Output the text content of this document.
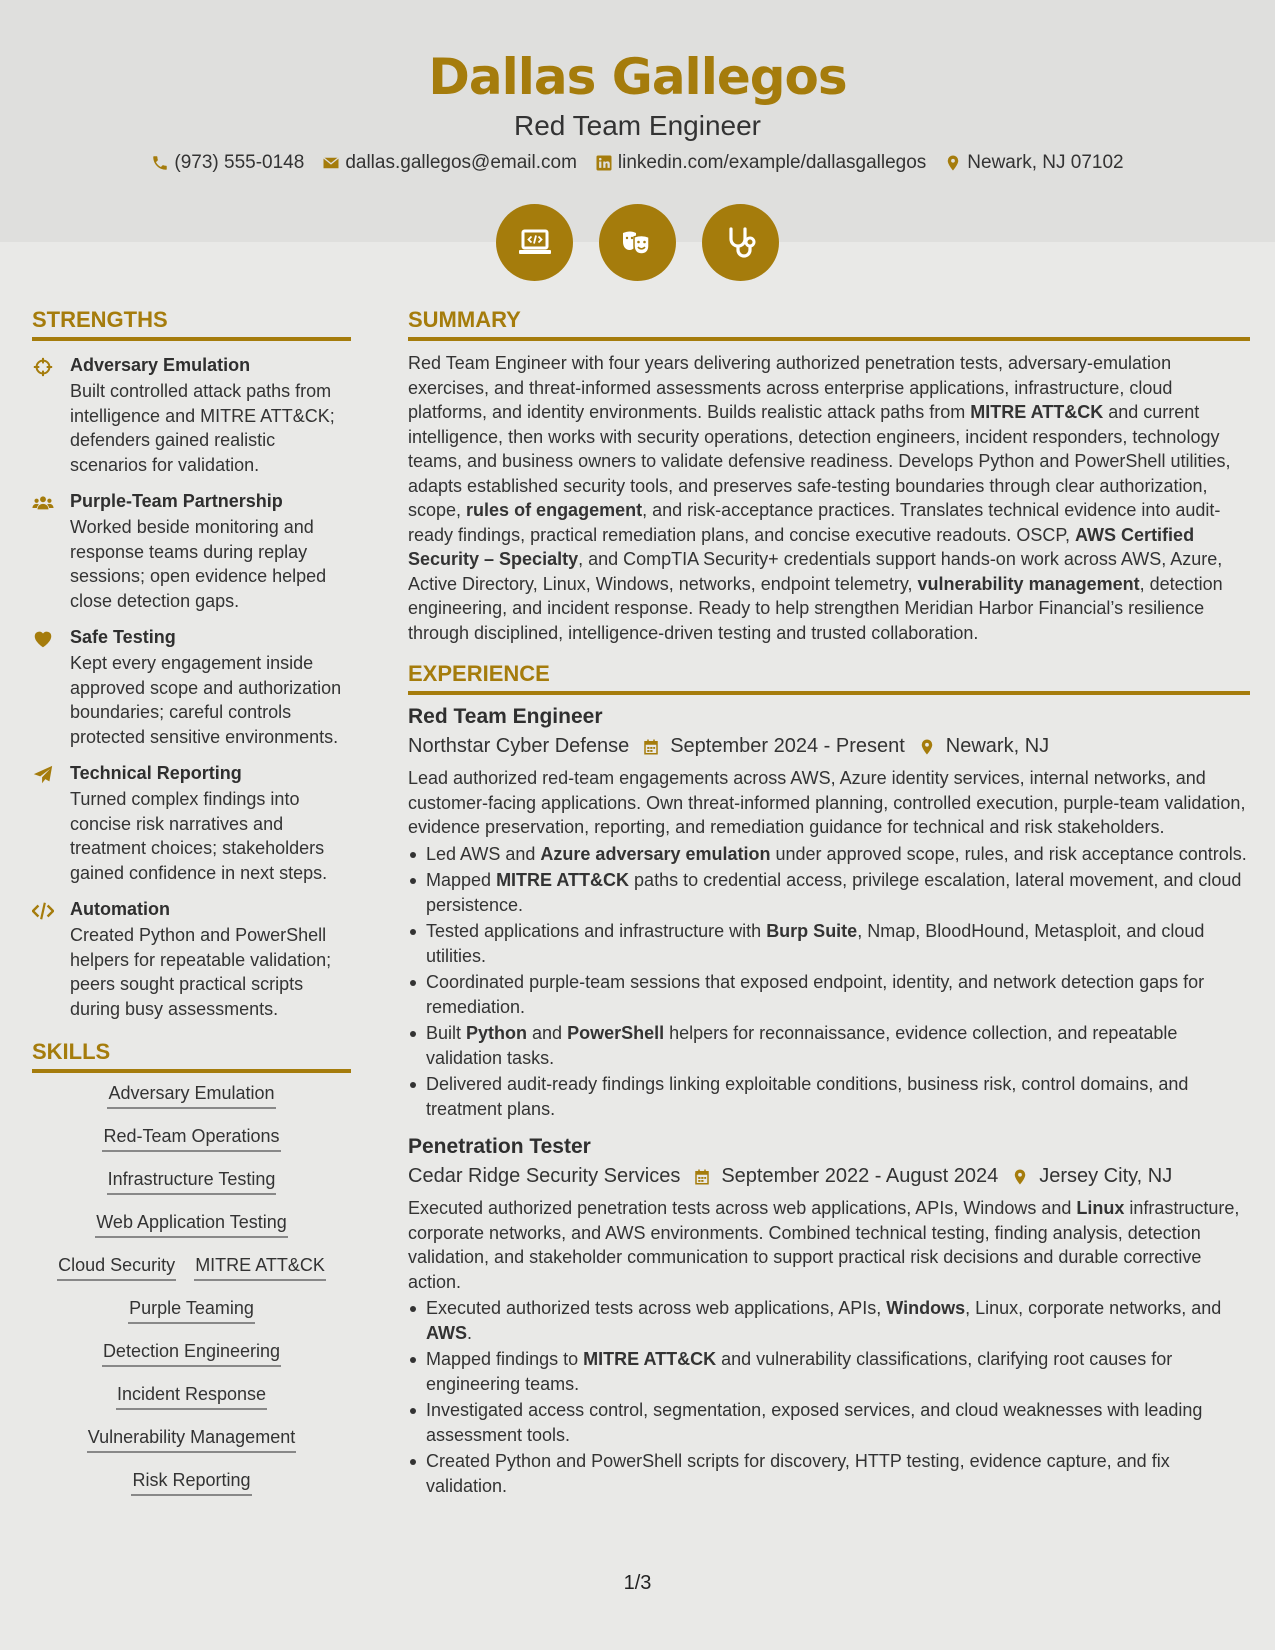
Dallas Gallegos
Red Team Engineer
(973) 555-0148 dallas.gallegos@email.com linkedin.com/example/dallasgallegos Newark, NJ 07102
STRENGTHS
Adversary Emulation
Built controlled attack paths from intelligence and MITRE ATT&CK; defenders gained realistic scenarios for validation.
Purple-Team Partnership
Worked beside monitoring and response teams during replay sessions; open evidence helped close detection gaps.
Safe Testing
Kept every engagement inside approved scope and authorization boundaries; careful controls protected sensitive environments.
Technical Reporting
Turned complex findings into concise risk narratives and treatment choices; stakeholders gained confidence in next steps.
Automation
Created Python and PowerShell helpers for repeatable validation; peers sought practical scripts during busy assessments.
SKILLS
Adversary Emulation
Red-Team Operations
Infrastructure Testing
Web Application Testing
Cloud Security MITRE ATT&CK
Purple Teaming
Detection Engineering
Incident Response
Vulnerability Management
Risk Reporting
SUMMARY

Red Team Engineer with four years delivering authorized penetration tests, adversary-emulation exercises, and threat-informed assessments across enterprise applications, infrastructure, cloud platforms, and identity environments. Builds realistic attack paths from MITRE ATT&CK and current intelligence, then works with security operations, detection engineers, incident responders, technology teams, and business owners to validate defensive readiness. Develops Python and PowerShell utilities, adapts established security tools, and preserves safe-testing boundaries through clear authorization, scope, rules of engagement, and risk-acceptance practices. Translates technical evidence into audit-ready findings, practical remediation plans, and concise executive readouts. OSCP, AWS Certified Security – Specialty, and CompTIA Security+ credentials support hands-on work across AWS, Azure, Active Directory, Linux, Windows, networks, endpoint telemetry, vulnerability management, detection engineering, and incident response. Ready to help strengthen Meridian Harbor Financial’s resilience through disciplined, intelligence-driven testing and trusted collaboration.

EXPERIENCE
Red Team Engineer
Northstar Cyber Defense September 2024 - Present Newark, NJ

Lead authorized red-team engagements across AWS, Azure identity services, internal networks, and customer-facing applications. Own threat-informed planning, controlled execution, purple-team validation, evidence preservation, reporting, and remediation guidance for technical and risk stakeholders.

Led AWS and Azure adversary emulation under approved scope, rules, and risk acceptance controls.
Mapped MITRE ATT&CK paths to credential access, privilege escalation, lateral movement, and cloud persistence.
Tested applications and infrastructure with Burp Suite, Nmap, BloodHound, Metasploit, and cloud utilities.
Coordinated purple-team sessions that exposed endpoint, identity, and network detection gaps for remediation.
Built Python and PowerShell helpers for reconnaissance, evidence collection, and repeatable validation tasks.
Delivered audit-ready findings linking exploitable conditions, business risk, control domains, and treatment plans.
Penetration Tester
Cedar Ridge Security Services September 2022 - August 2024 Jersey City, NJ

Executed authorized penetration tests across web applications, APIs, Windows and Linux infrastructure, corporate networks, and AWS environments. Combined technical testing, finding analysis, detection validation, and stakeholder communication to support practical risk decisions and durable corrective action.

Executed authorized tests across web applications, APIs, Windows, Linux, corporate networks, and AWS.
Mapped findings to MITRE ATT&CK and vulnerability classifications, clarifying root causes for engineering teams.
Investigated access control, segmentation, exposed services, and cloud weaknesses with leading assessment tools.
Created Python and PowerShell scripts for discovery, HTTP testing, evidence capture, and fix validation.
1/3
